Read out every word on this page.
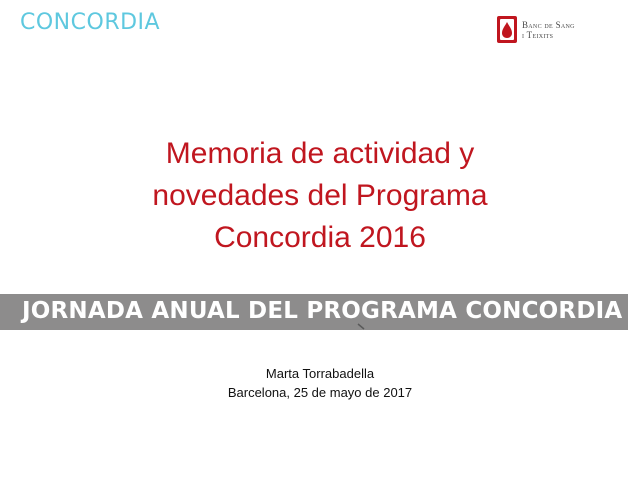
CONCORDIA	Banc de Sang
i Teixits
Memoria de actividad y
novedades del Programa
Concordia 2016
JORNADA ANUAL DEL PROGRAMA CONCORDIA
Marta Torrabadella
Barcelona, 25 de mayo de 2017
